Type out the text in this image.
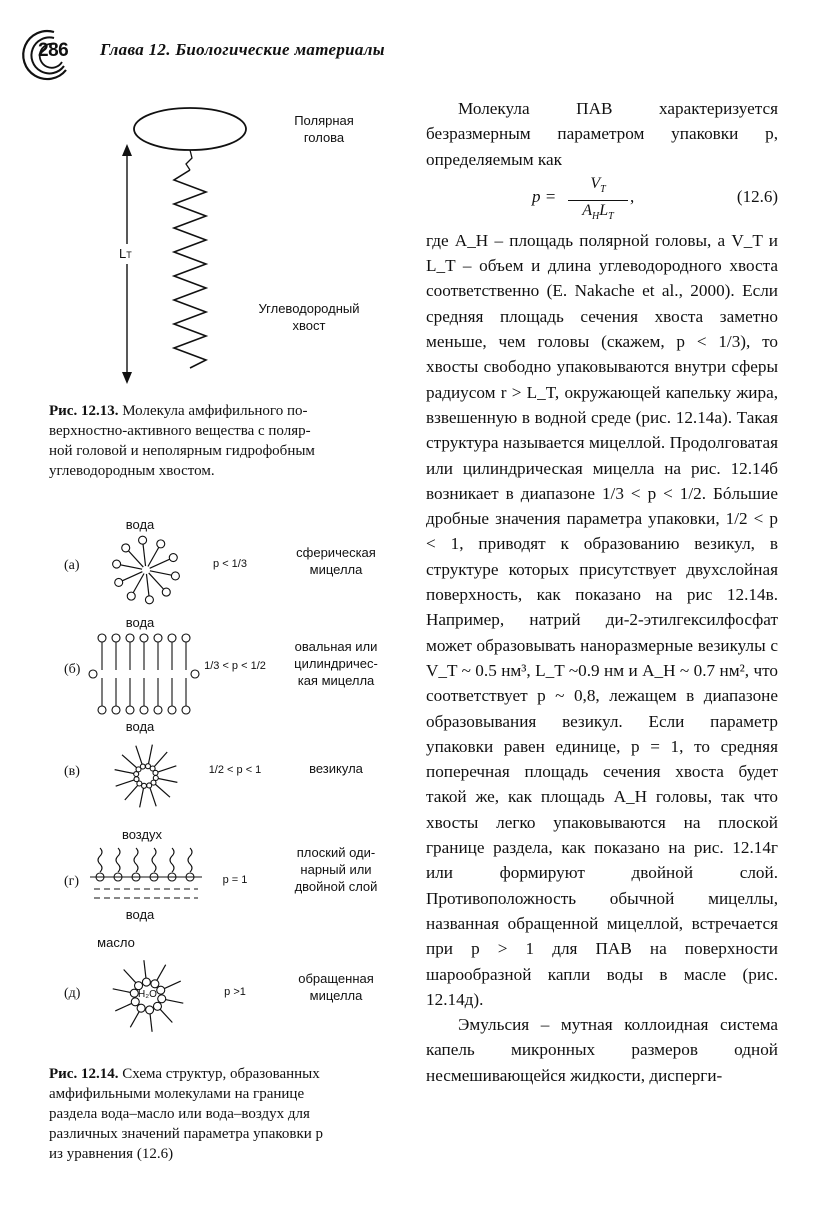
286 Глава 12. Биологические материалы
LT
Полярная
голова
Углеводородный
хвост
Рис. 12.13. Молекула амфифильного по-
верхностно-активного вещества с поляр-
ной головой и неполярным гидрофобным
углеводородным хвостом.
вода
(а)	p < 1/3
сферическая
мицелла
вода
(б)	1/3 < p < 1/2
овальная или
цилиндричес-
кая мицелла
вода
(в)	1/2 < p < 1	везикула
воздух
(г)
вода
p = 1
плоский оди-
нарный или
двойной слой
масло
(д)	H₂O	p >1
обращенная
мицелла
Рис. 12.14. Схема структур, образованных
амфифильными молекулами на границе
раздела вода–масло или вода–воздух для
различных значений параметра упаковки p
из уравнения (12.6)

Молекула ПАВ характеризуется безразмерным параметром упаковки p, определяемым как

p =
$V_T$
$A_HL_T$
,	(12.6)

где A_H – площадь полярной головы, а V_T и L_T – объем и длина углеводородного хвоста соответственно (E. Nakache et al., 2000). Если средняя площадь сечения хвоста заметно меньше, чем головы (скажем, p < 1/3), то хвосты свободно упаковываются внутри сферы радиусом r > L_T, окружающей капельку жира, взвешенную в водной среде (рис. 12.14а). Такая структура называется мицеллой. Продолговатая или цилиндрическая мицелла на рис. 12.14б возникает в диапазоне 1/3 < p < 1/2. Бóльшие дробные значения параметра упаковки, 1/2 < p < 1, приводят к образованию везикул, в структуре которых присутствует двухслойная поверхность, как показано на рис 12.14в. Например, натрий ди-2-этилгексилфосфат может образовывать наноразмерные везикулы с V_T ~ 0.5 нм³, L_T ~0.9 нм и A_H ~ 0.7 нм², что соответствует p ~ 0,8, лежащем в диапазоне образовывания везикул. Если параметр упаковки равен единице, p = 1, то средняя поперечная площадь сечения хвоста будет такой же, как площадь A_H головы, так что хвосты легко упаковываются на плоской границе раздела, как показано на рис. 12.14г или формируют двойной слой. Противоположность обычной мицеллы, названная обращенной мицеллой, встречается при p > 1 для ПАВ на поверхности шарообразной капли воды в масле (рис. 12.14д).

Эмульсия – мутная коллоидная система капель микронных размеров одной несмешивающейся жидкости, дисперги-
